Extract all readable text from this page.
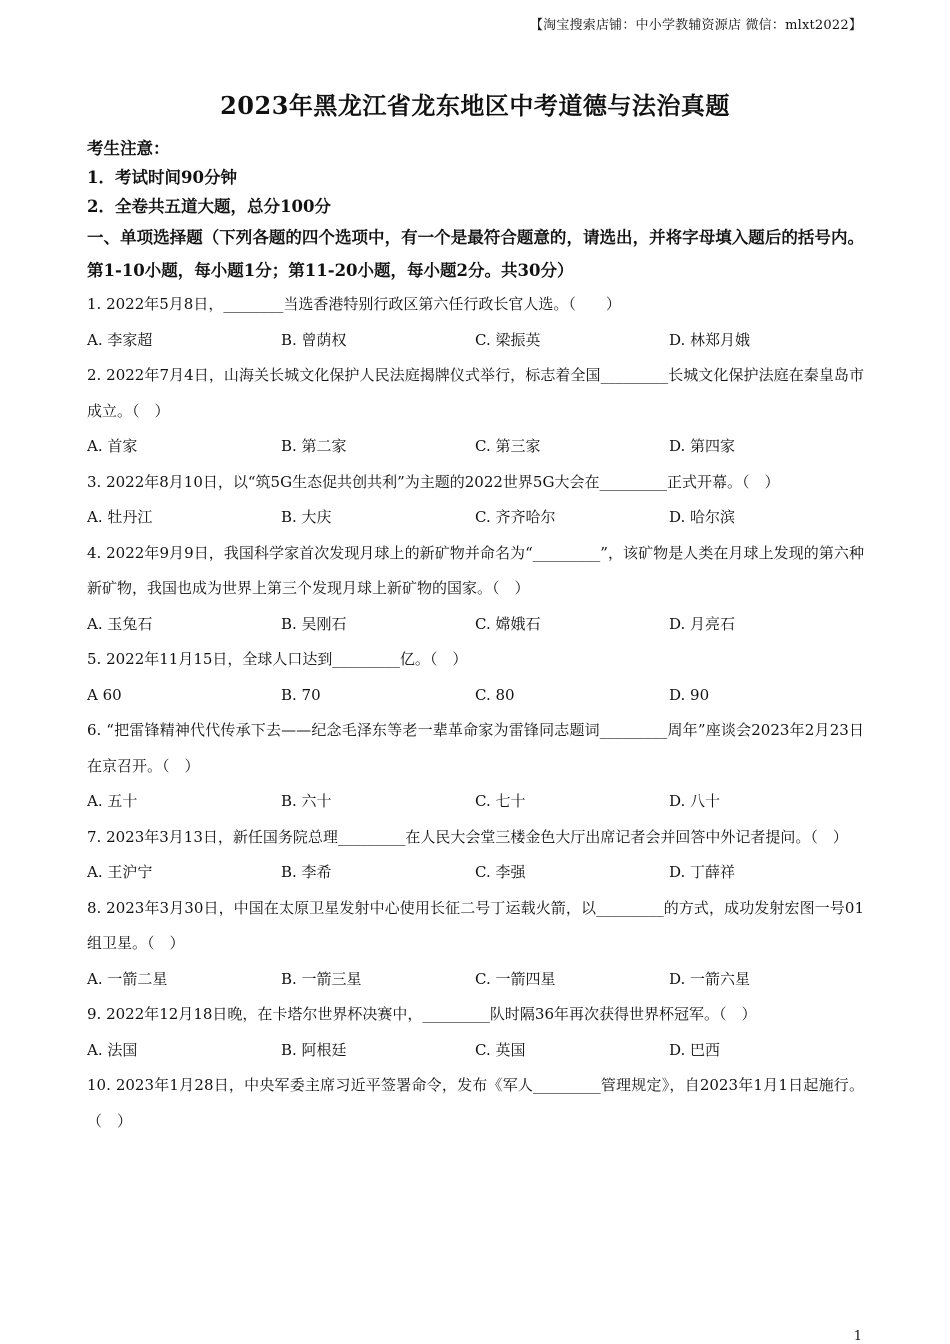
【淘宝搜索店铺：中小学教辅资源店 微信：mlxt2022】
2023年黑龙江省龙东地区中考道德与法治真题

考生注意：

1．考试时间90分钟

2．全卷共五道大题，总分100分

一、单项选择题（下列各题的四个选项中，有一个是最符合题意的，请选出，并将字母填入题后的括号内。第1-10小题，每小题1分；第11-20小题，每小题2分。共30分）

1. 2022年5月8日，________当选香港特别行政区第六任行政长官人选。（　　）

A. 李家超	B. 曾荫权	C. 梁振英	D. 林郑月娥

2. 2022年7月4日，山海关长城文化保护人民法庭揭牌仪式举行，标志着全国_________长城文化保护法庭在秦皇岛市成立。（　）

A. 首家	B. 第二家	C. 第三家	D. 第四家

3. 2022年8月10日，以“筑5G生态促共创共利”为主题的2022世界5G大会在_________正式开幕。（　）

A. 牡丹江	B. 大庆	C. 齐齐哈尔	D. 哈尔滨

4. 2022年9月9日，我国科学家首次发现月球上的新矿物并命名为“_________”，该矿物是人类在月球上发现的第六种新矿物，我国也成为世界上第三个发现月球上新矿物的国家。（　）

A. 玉兔石	B. 吴刚石	C. 嫦娥石	D. 月亮石

5. 2022年11月15日，全球人口达到_________亿。（　）

A 60	B. 70	C. 80	D. 90

6. “把雷锋精神代代传承下去——纪念毛泽东等老一辈革命家为雷锋同志题词_________周年”座谈会2023年2月23日在京召开。（　）

A. 五十	B. 六十	C. 七十	D. 八十

7. 2023年3月13日，新任国务院总理_________在人民大会堂三楼金色大厅出席记者会并回答中外记者提问。（　）

A. 王沪宁	B. 李希	C. 李强	D. 丁薛祥

8. 2023年3月30日，中国在太原卫星发射中心使用长征二号丁运载火箭，以_________的方式，成功发射宏图一号01组卫星。（　）

A. 一箭二星	B. 一箭三星	C. 一箭四星	D. 一箭六星

9. 2022年12月18日晚，在卡塔尔世界杯决赛中，_________队时隔36年再次获得世界杯冠军。（　）

A. 法国	B. 阿根廷	C. 英国	D. 巴西

10. 2023年1月28日，中央军委主席习近平签署命令，发布《军人_________管理规定》，自2023年1月1日起施行。（　）

1
